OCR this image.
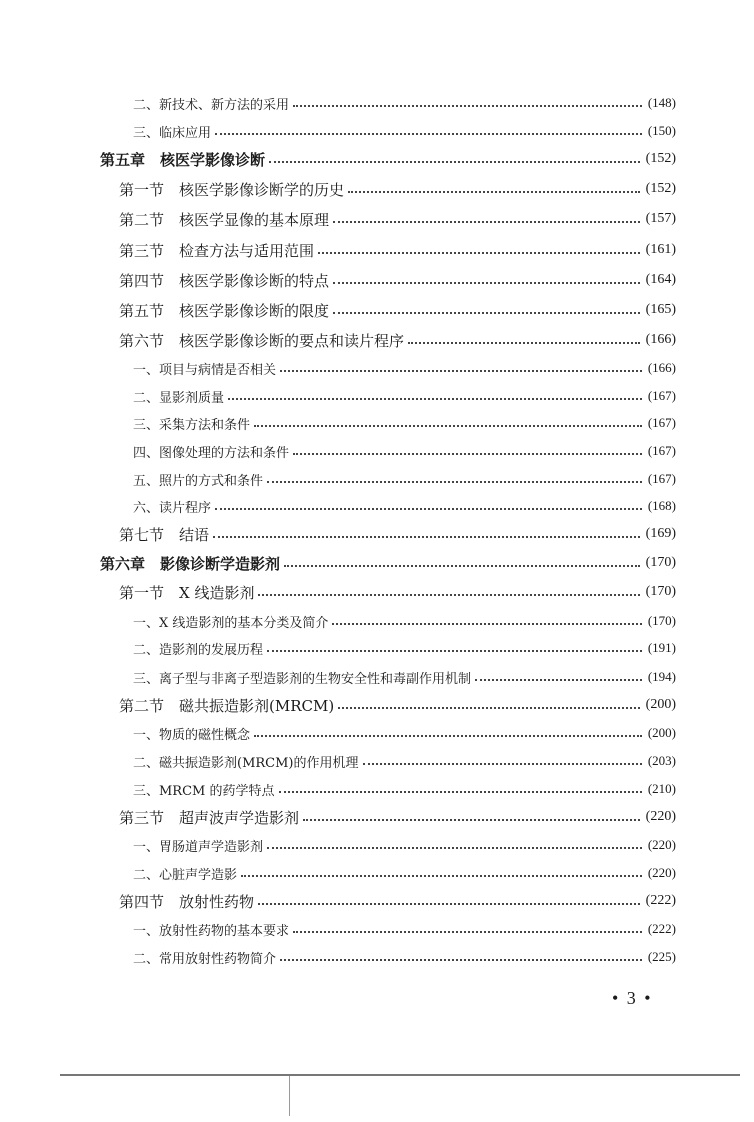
二、新技术、新方法的采用	(148)
三、临床应用	(150)
第五章　核医学影像诊断	(152)
第一节　核医学影像诊断学的历史	(152)
第二节　核医学显像的基本原理	(157)
第三节　检查方法与适用范围	(161)
第四节　核医学影像诊断的特点	(164)
第五节　核医学影像诊断的限度	(165)
第六节　核医学影像诊断的要点和读片程序	(166)
一、项目与病情是否相关	(166)
二、显影剂质量	(167)
三、采集方法和条件	(167)
四、图像处理的方法和条件	(167)
五、照片的方式和条件	(167)
六、读片程序	(168)
第七节　结语	(169)
第六章　影像诊断学造影剂	(170)
第一节　X 线造影剂	(170)
一、X 线造影剂的基本分类及简介	(170)
二、造影剂的发展历程	(191)
三、离子型与非离子型造影剂的生物安全性和毒副作用机制	(194)
第二节　磁共振造影剂(MRCM)	(200)
一、物质的磁性概念	(200)
二、磁共振造影剂(MRCM)的作用机理	(203)
三、MRCM 的药学特点	(210)
第三节　超声波声学造影剂	(220)
一、胃肠道声学造影剂	(220)
二、心脏声学造影	(220)
第四节　放射性药物	(222)
一、放射性药物的基本要求	(222)
二、常用放射性药物简介	(225)
• 3 •
